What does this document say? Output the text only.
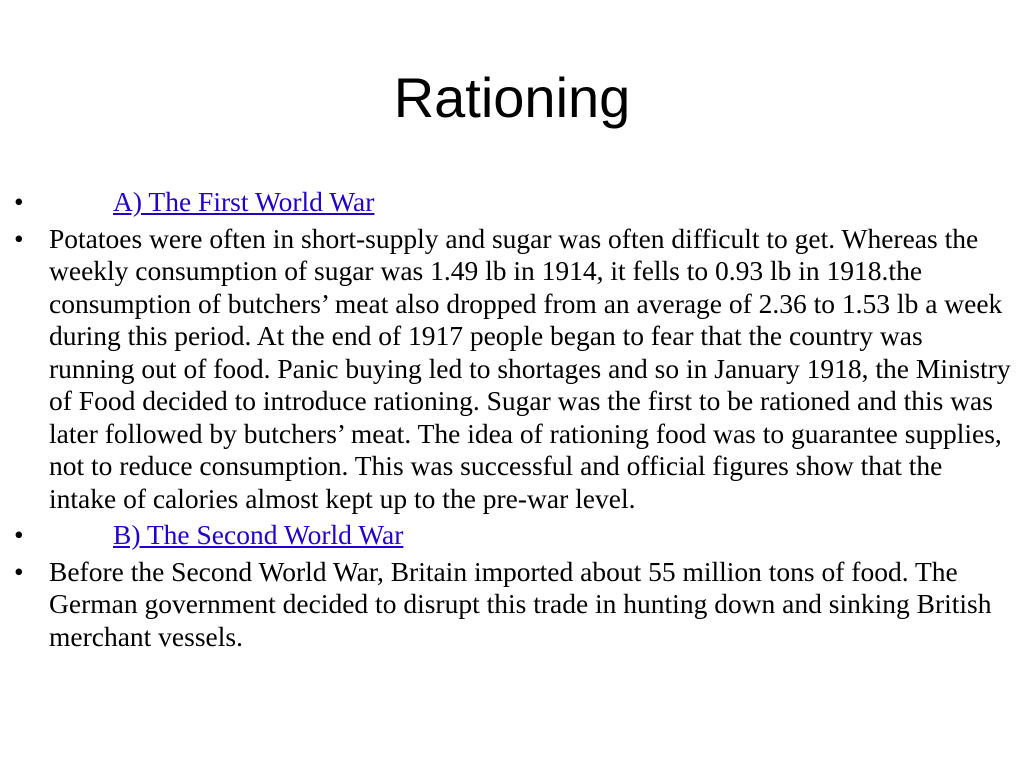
Rationing
•	A) The First World War
• Potatoes were often in short-supply and sugar was often difficult to get. Whereas the weekly consumption of sugar was 1.49 lb in 1914, it fells to 0.93 lb in 1918.the consumption of butchers’ meat also dropped from an average of 2.36 to 1.53 lb a week during this period. At the end of 1917 people began to fear that the country was running out of food. Panic buying led to shortages and so in January 1918, the Ministry of Food decided to introduce rationing. Sugar was the first to be rationed and this was later followed by butchers’ meat. The idea of rationing food was to guarantee supplies, not to reduce consumption. This was successful and official figures show that the intake of calories almost kept up to the pre-war level.
•	B) The Second World War
• Before the Second World War, Britain imported about 55 million tons of food. The German government decided to disrupt this trade in hunting down and sinking British merchant vessels.
